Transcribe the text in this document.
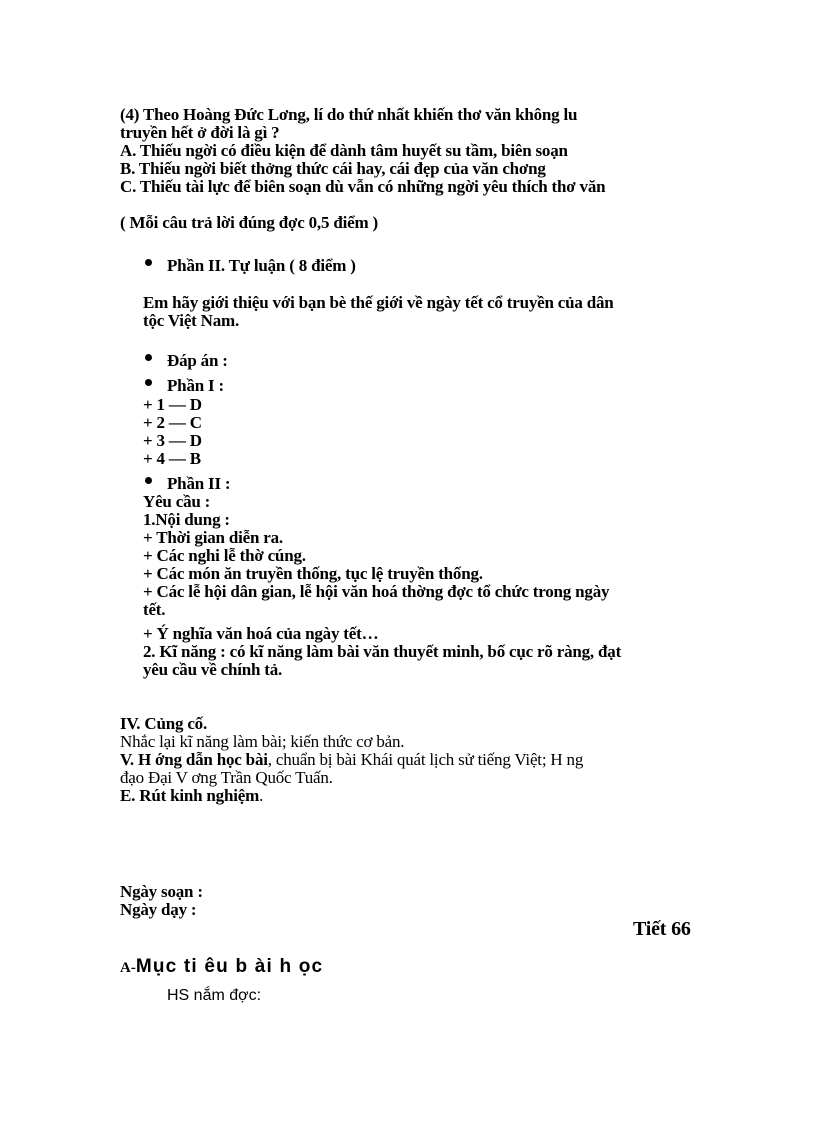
(4) Theo Hoàng Đức Lơng, lí do thứ nhất khiến thơ văn không lu
truyền hết ở đời là gì ?
A. Thiếu ngời có điều kiện để dành tâm huyết su tầm, biên soạn
B. Thiếu ngời biết thởng thức cái hay, cái đẹp của văn chơng
C. Thiếu tài lực để biên soạn dù vẫn có những ngời yêu thích thơ văn
( Mỗi câu trả lời đúng đợc 0,5 điểm )
Phần II. Tự luận ( 8 điểm )
Em hãy giới thiệu với bạn bè thế giới về ngày tết cổ truyền của dân
tộc Việt Nam.
Đáp án :
Phần I :
+ 1 — D
+ 2 — C
+ 3 — D
+ 4 — B
Phần II :
Yêu cầu :
1.Nội dung :
+ Thời gian diễn ra.
+ Các nghi lễ thờ cúng.
+ Các món ăn truyền thống, tục lệ truyền thống.
+ Các lễ hội dân gian, lễ hội văn hoá thờng đợc tổ chức trong ngày
tết.
+ Ý nghĩa văn hoá của ngày tết…
2. Kĩ năng : có kĩ năng làm bài văn thuyết minh, bố cục rõ ràng, đạt
yêu cầu về chính tả.
IV. Củng cố.
Nhắc lại kĩ năng làm bài; kiến thức cơ bản.
V. H ớng dẫn học bài, chuẩn bị bài Khái quát lịch sử tiếng Việt; H ng
đạo Đại V ơng Trần Quốc Tuấn.
E. Rút kinh nghiệm.
Ngày soạn :
Ngày dạy :
Tiết 66
A-Mục ti êu b ài h ọc
HS nắm đợc:
